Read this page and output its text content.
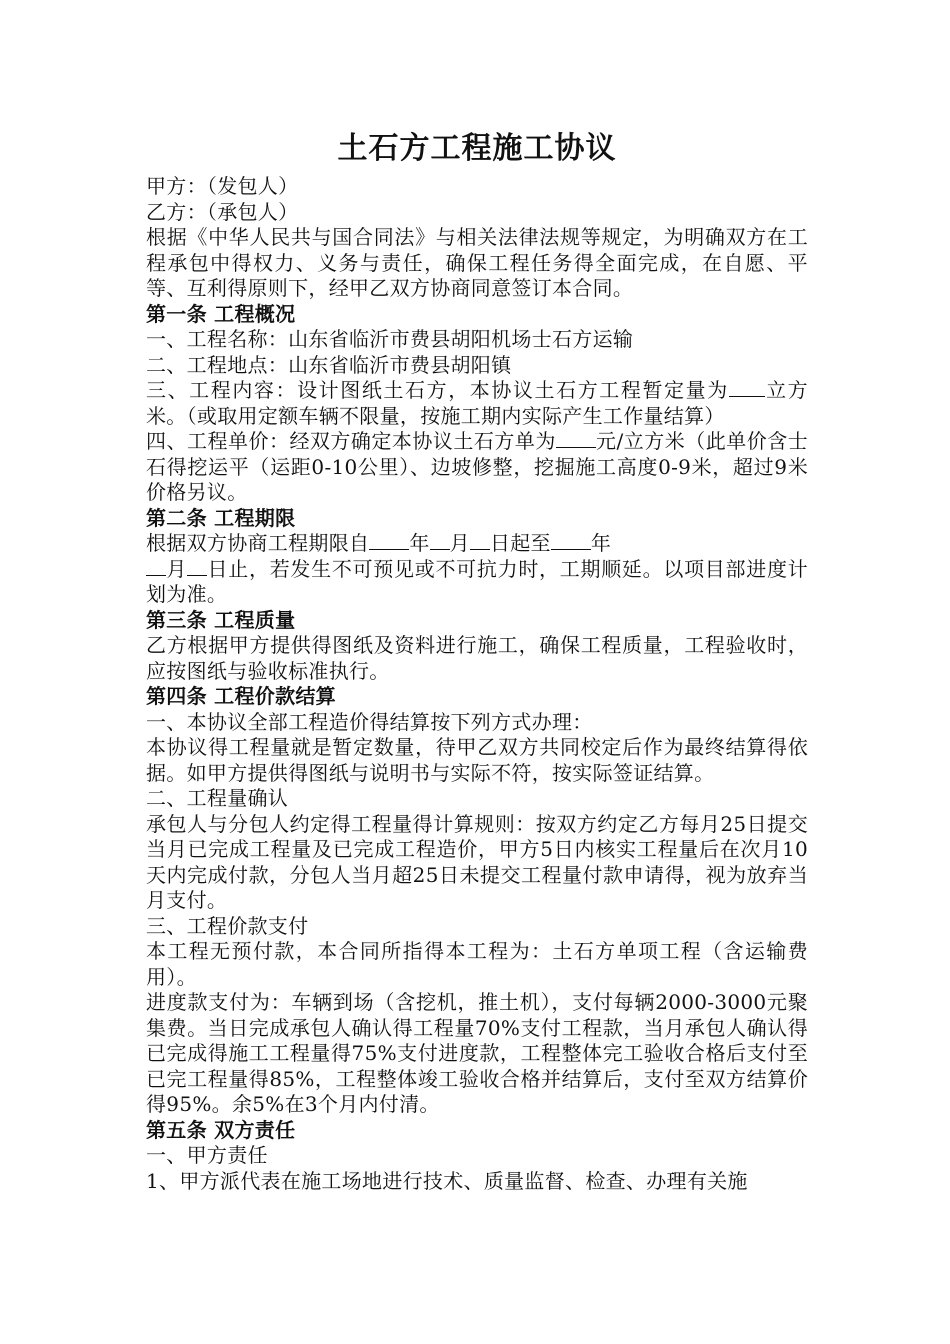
土石方工程施工协议

甲方：（发包人）

乙方：（承包人）

根据《中华人民共与国合同法》与相关法律法规等规定，为明确双方在工程承包中得权力、义务与责任，确保工程任务得全面完成，在自愿、平等、互利得原则下，经甲乙双方协商同意签订本合同。

第一条 工程概况

一、工程名称：山东省临沂市费县胡阳机场士石方运输

二、工程地点：山东省临沂市费县胡阳镇

三、工程内容：设计图纸土石方，本协议土石方工程暂定量为 立方米。（或取用定额车辆不限量，按施工期内实际产生工作量结算）

四、工程单价：经双方确定本协议土石方单为 元/立方米（此单价含士石得挖运平（运距0-10公里）、边坡修整，挖掘施工高度0-9米，超过9米价格另议。

第二条 工程期限

根据双方协商工程期限自 年 月 日起至 年
月 日止，若发生不可预见或不可抗力时，工期顺延。以项目部进度计划为准。

第三条 工程质量

乙方根据甲方提供得图纸及资料进行施工，确保工程质量，工程验收时，应按图纸与验收标准执行。

第四条 工程价款结算

一、本协议全部工程造价得结算按下列方式办理：

本协议得工程量就是暂定数量，待甲乙双方共同校定后作为最终结算得依据。如甲方提供得图纸与说明书与实际不符，按实际签证结算。

二、工程量确认

承包人与分包人约定得工程量得计算规则：按双方约定乙方每月25日提交当月已完成工程量及已完成工程造价，甲方5日内核实工程量后在次月10天内完成付款，分包人当月超25日未提交工程量付款申请得，视为放弃当月支付。

三、工程价款支付

本工程无预付款，本合同所指得本工程为：土石方单项工程（含运输费用）。

进度款支付为：车辆到场（含挖机，推土机），支付每辆2000-3000元聚集费。当日完成承包人确认得工程量70%支付工程款，当月承包人确认得已完成得施工工程量得75%支付进度款，工程整体完工验收合格后支付至已完工程量得85%，工程整体竣工验收合格并结算后，支付至双方结算价得95%。余5%在3个月内付清。

第五条 双方责任

一、甲方责任

1、甲方派代表在施工场地进行技术、质量监督、检查、办理有关施
